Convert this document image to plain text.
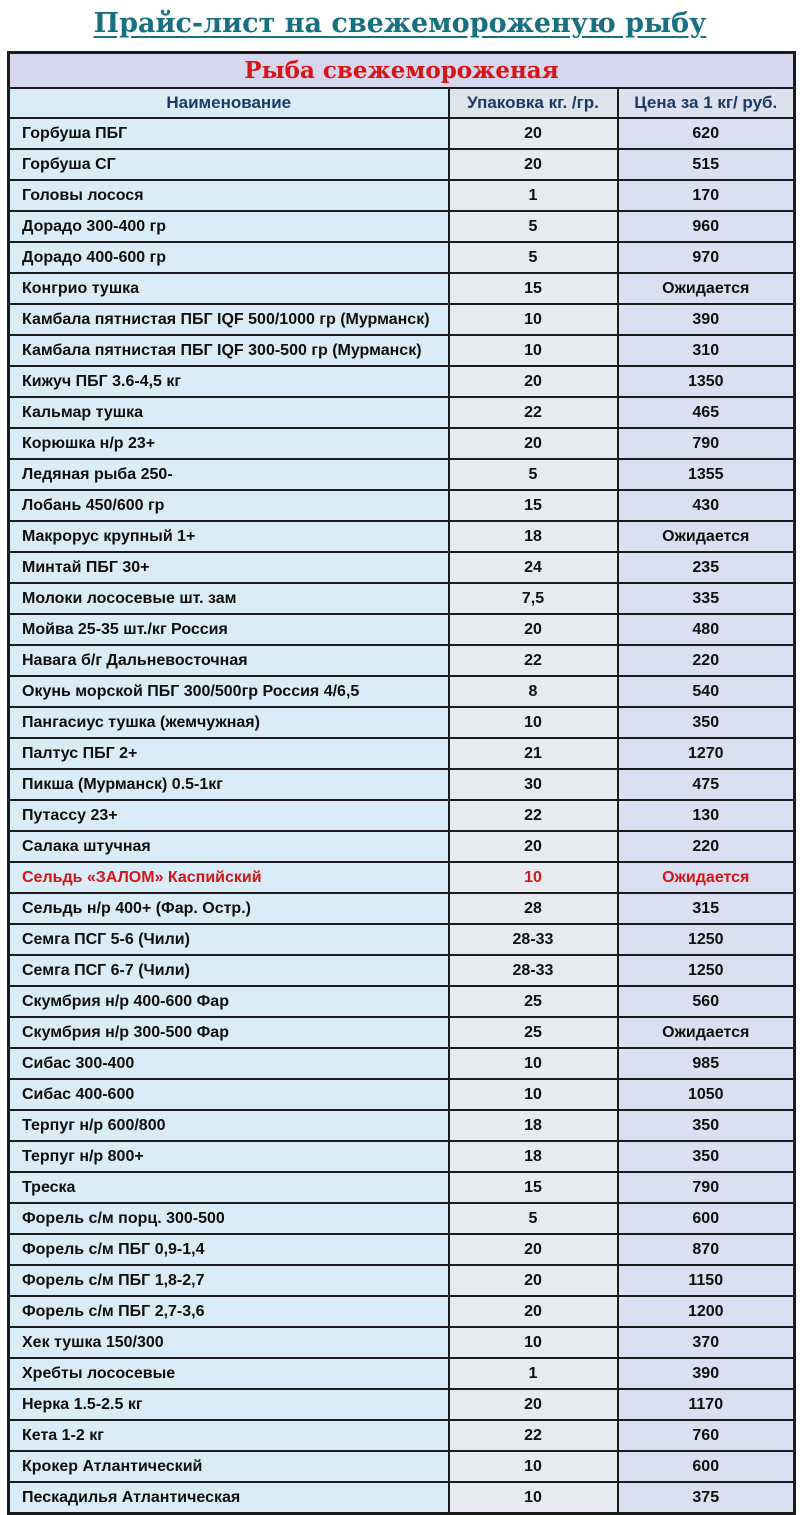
Прайс-лист на свежемороженую рыбу
Рыба свежемороженая		
Наименование	Упаковка кг. /гр.	Цена за 1 кг/ руб.
Горбуша ПБГ	20	620
Горбуша СГ	20	515
Головы лосося	1	170
Дорадо 300-400 гр	5	960
Дорадо 400-600 гр	5	970
Конгрио тушка	15	Ожидается
Камбала пятнистая ПБГ IQF 500/1000 гр (Мурманск)	10	390
Камбала пятнистая ПБГ IQF 300-500 гр (Мурманск)	10	310
Кижуч ПБГ 3.6-4,5 кг	20	1350
Кальмар тушка	22	465
Корюшка н/р 23+	20	790
Ледяная рыба 250-	5	1355
Лобань 450/600 гр	15	430
Макрорус крупный 1+	18	Ожидается
Минтай ПБГ 30+	24	235
Молоки лососевые шт. зам	7,5	335
Мойва 25-35 шт./кг Россия	20	480
Навага б/г Дальневосточная	22	220
Окунь морской ПБГ 300/500гр Россия 4/6,5	8	540
Пангасиус тушка (жемчужная)	10	350
Палтус ПБГ 2+	21	1270
Пикша (Мурманск) 0.5-1кг	30	475
Путассу 23+	22	130
Салака штучная	20	220
Сельдь «ЗАЛОМ» Каспийский	10	Ожидается
Сельдь н/р 400+ (Фар. Остр.)	28	315
Семга ПСГ 5-6 (Чили)	28-33	1250
Семга ПСГ 6-7 (Чили)	28-33	1250
Скумбрия н/р 400-600 Фар	25	560
Скумбрия н/р 300-500 Фар	25	Ожидается
Сибас 300-400	10	985
Сибас 400-600	10	1050
Терпуг н/р 600/800	18	350
Терпуг н/р 800+	18	350
Треска	15	790
Форель с/м порц. 300-500	5	600
Форель с/м ПБГ 0,9-1,4	20	870
Форель с/м ПБГ 1,8-2,7	20	1150
Форель с/м ПБГ 2,7-3,6	20	1200
Хек тушка 150/300	10	370
Хребты лососевые	1	390
Нерка 1.5-2.5 кг	20	1170
Кета 1-2 кг	22	760
Крокер Атлантический	10	600
Пескадилья Атлантическая	10	375
